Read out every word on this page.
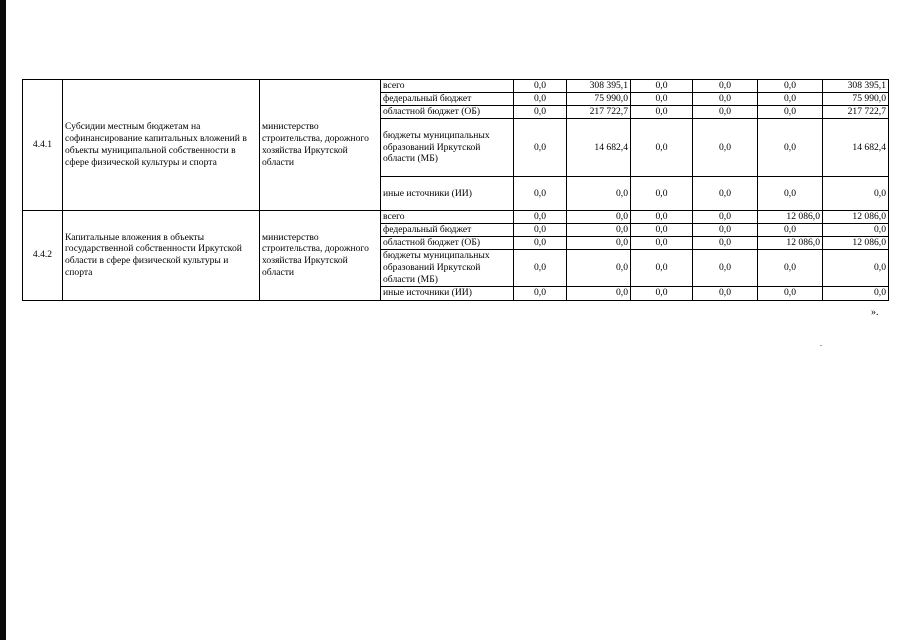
4.4.1	Субсидии местным бюджетам на софинансирование капитальных вложений в объекты муниципальной собственности в сфере физической культуры и спорта	министерство строительства, дорожного хозяйства Иркутской области	всего	0,0	308 395,1	0,0	0,0	0,0	308 395,1
			федеральный бюджет	0,0	75 990,0	0,0	0,0	0,0	75 990,0
			областной бюджет (ОБ)	0,0	217 722,7	0,0	0,0	0,0	217 722,7
			бюджеты муниципальных образований Иркутской области (МБ)	0,0	14 682,4	0,0	0,0	0,0	14 682,4
			иные источники (ИИ)	0,0	0,0	0,0	0,0	0,0	0,0
4.4.2	Капитальные вложения в объекты государственной собственности Иркутской области в сфере физической культуры и спорта	министерство строительства, дорожного хозяйства Иркутской области	всего	0,0	0,0	0,0	0,0	12 086,0	12 086,0
			федеральный бюджет	0,0	0,0	0,0	0,0	0,0	0,0
			областной бюджет (ОБ)	0,0	0,0	0,0	0,0	12 086,0	12 086,0
			бюджеты муниципальных образований Иркутской области (МБ)	0,0	0,0	0,0	0,0	0,0	0,0
			иные источники (ИИ)	0,0	0,0	0,0	0,0	0,0	0,0
».
.
